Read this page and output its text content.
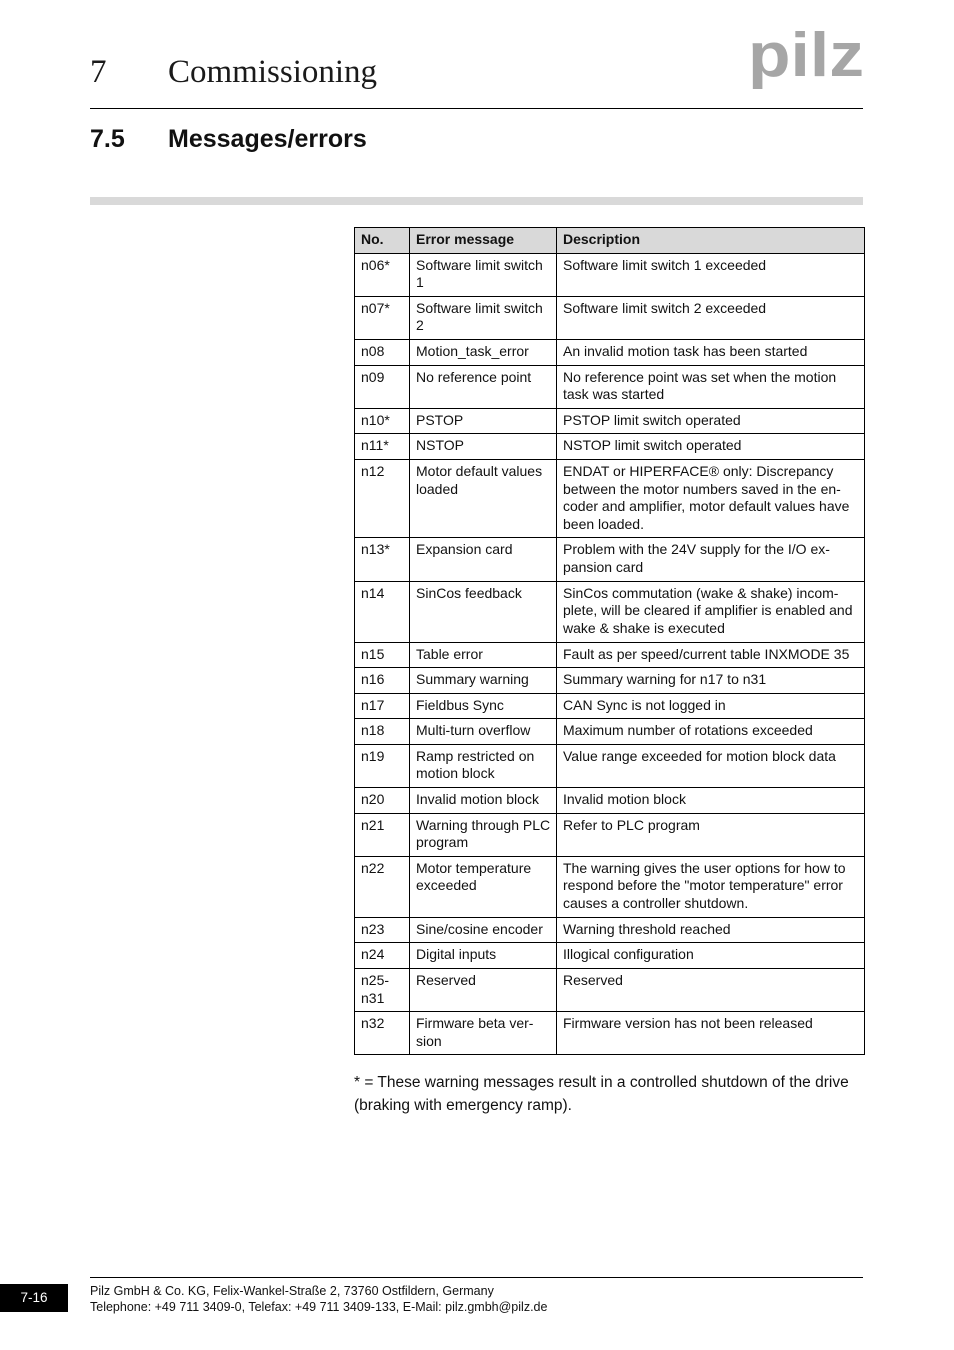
7 Commissioning	pilz
7.5 Messages/errors
No.	Error message	Description
n06*	Software limit switch 1	Software limit switch 1 exceeded
n07*	Software limit switch 2	Software limit switch 2 exceeded
n08	Motion_task_error	An invalid motion task has been started
n09	No reference point	No reference point was set when the motion task was started
n10*	PSTOP	PSTOP limit switch operated
n11*	NSTOP	NSTOP limit switch operated
n12	Motor default values loaded	ENDAT or HIPERFACE® only: Discrepancy between the motor numbers saved in the en-coder and amplifier, motor default values have been loaded.
n13*	Expansion card	Problem with the 24V supply for the I/O ex-pansion card
n14	SinCos feedback	SinCos commutation (wake & shake) incom-plete, will be cleared if amplifier is enabled and wake & shake is executed
n15	Table error	Fault as per speed/current table INXMODE 35
n16	Summary warning	Summary warning for n17 to n31
n17	Fieldbus Sync	CAN Sync is not logged in
n18	Multi-turn overflow	Maximum number of rotations exceeded
n19	Ramp restricted on motion block	Value range exceeded for motion block data
n20	Invalid motion block	Invalid motion block
n21	Warning through PLC program	Refer to PLC program
n22	Motor temperature exceeded	The warning gives the user options for how to respond before the "motor temperature" error causes a controller shutdown.
n23	Sine/cosine encoder	Warning threshold reached
n24	Digital inputs	Illogical configuration
n25-n31	Reserved	Reserved
n32	Firmware beta ver-sion	Firmware version has not been released
* = These warning messages result in a controlled shutdown of the drive (braking with emergency ramp).
7-16	Pilz GmbH & Co. KG, Felix-Wankel-Straße 2, 73760 Ostfildern, Germany
Telephone: +49 711 3409-0, Telefax: +49 711 3409-133, E-Mail: pilz.gmbh@pilz.de
